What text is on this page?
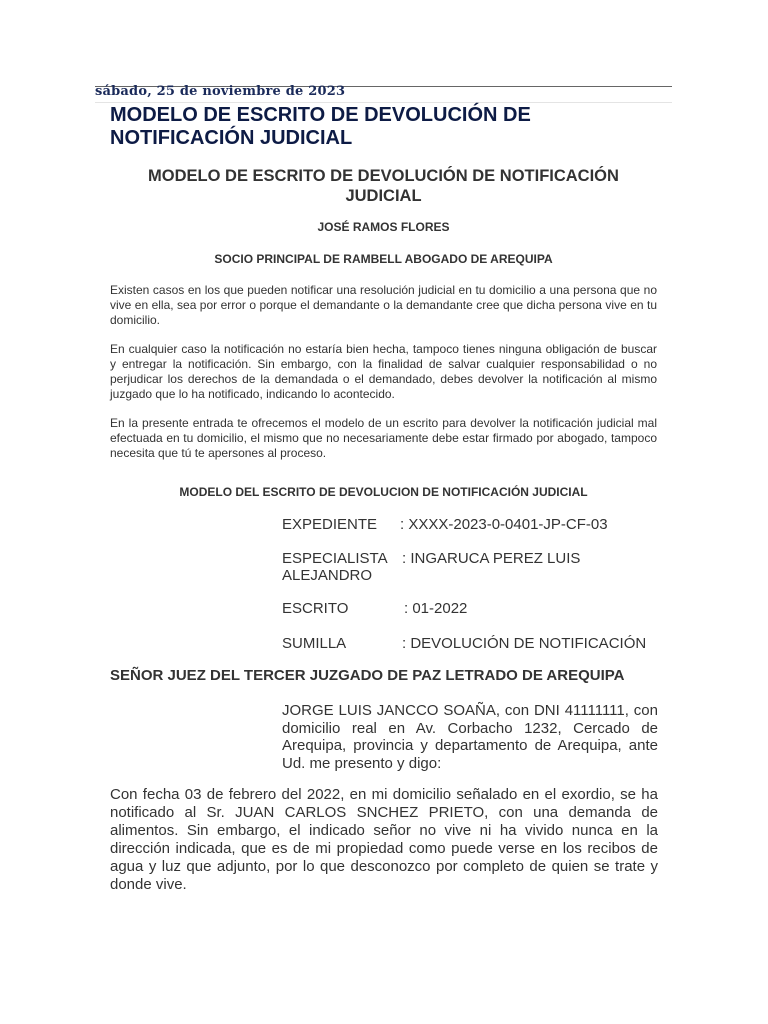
sábado, 25 de noviembre de 2023
MODELO DE ESCRITO DE DEVOLUCIÓN DE NOTIFICACIÓN JUDICIAL
MODELO DE ESCRITO DE DEVOLUCIÓN DE NOTIFICACIÓN JUDICIAL
JOSÉ RAMOS FLORES
SOCIO PRINCIPAL DE RAMBELL ABOGADO DE AREQUIPA

Existen casos en los que pueden notificar una resolución judicial en tu domicilio a una persona que no vive en ella, sea por error o porque el demandante o la demandante cree que dicha persona vive en tu domicilio.

En cualquier caso la notificación no estaría bien hecha, tampoco tienes ninguna obligación de buscar y entregar la notificación. Sin embargo, con la finalidad de salvar cualquier responsabilidad o no perjudicar los derechos de la demandada o el demandado, debes devolver la notificación al mismo juzgado que lo ha notificado, indicando lo acontecido.

En la presente entrada te ofrecemos el modelo de un escrito para devolver la notificación judicial mal efectuada en tu domicilio, el mismo que no necesariamente debe estar firmado por abogado, tampoco necesita que tú te apersones al proceso.

MODELO DEL ESCRITO DE DEVOLUCION DE NOTIFICACIÓN JUDICIAL
EXPEDIENTE : XXXX-2023-0-0401-JP-CF-03
ESPECIALISTA : INGARUCA PEREZ LUIS
ALEJANDRO
ESCRITO	: 01-2022
SUMILLA	: DEVOLUCIÓN DE NOTIFICACIÓN
SEÑOR JUEZ DEL TERCER JUZGADO DE PAZ LETRADO DE AREQUIPA

JORGE LUIS JANCCO SOAÑA, con DNI 41111111, con domicilio real en Av. Corbacho 1232, Cercado de Arequipa, provincia y departamento de Arequipa, ante Ud. me presento y digo:

Con fecha 03 de febrero del 2022, en mi domicilio señalado en el exordio, se ha notificado al Sr. JUAN CARLOS SNCHEZ PRIETO, con una demanda de alimentos. Sin embargo, el indicado señor no vive ni ha vivido nunca en la dirección indicada, que es de mi propiedad como puede verse en los recibos de agua y luz que adjunto, por lo que desconozco por completo de quien se trate y donde vive.
